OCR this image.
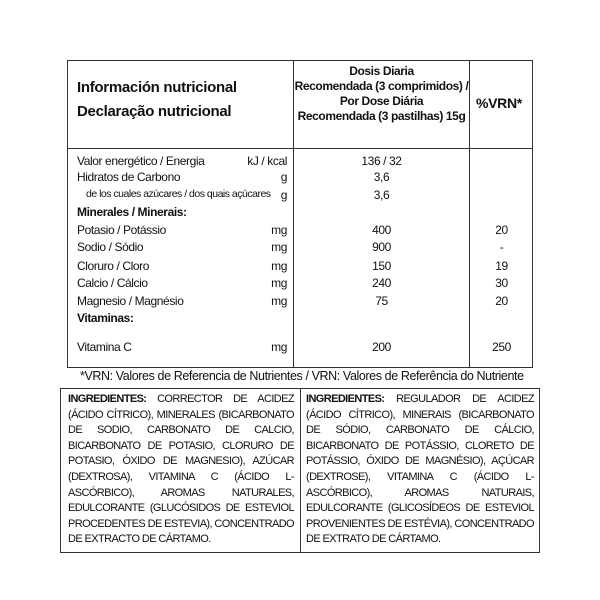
Información nutricional
Declaração nutricional
Dosis Diaria
Recomendada (3 comprimidos) /
Por Dose Diária
Recomendada (3 pastilhas) 15g
%VRN*
Valor energético / Energia	kJ / kcal	136 / 32
Hidratos de Carbono	g	3,6
de los cuales azúcares / dos quais açúcares g	3,6
Minerales / Minerais:
Potasio / Potássio	mg	400	20
Sodio / Sódio	mg	900	-
Cloruro / Cloro	mg	150	19
Calcio / Cálcio	mg	240	30
Magnesio / Magnésio	mg	75	20
Vitaminas:
Vitamina C	mg	200	250
*VRN: Valores de Referencia de Nutrientes / VRN: Valores de Referência do Nutriente
INGREDIENTES: CORRECTOR DE ACIDEZ (ÁCIDO CÍTRICO), MINERALES (BICARBONATO DE SODIO, CARBONATO DE CALCIO, BICARBONATO DE POTASIO, CLORURO DE POTASIO, ÓXIDO DE MAGNESIO), AZÚCAR (DEXTROSA), VITAMINA C (ÁCIDO L-ASCÓRBICO), AROMAS NATURALES, EDULCORANTE (GLUCÓSIDOS DE ESTEVIOL PROCEDENTES DE ESTEVIA), CONCENTRADO DE EXTRACTO DE CÁRTAMO.
INGREDIENTES: REGULADOR DE ACIDEZ (ÁCIDO CÍTRICO), MINERAIS (BICARBONATO DE SÓDIO, CARBONATO DE CÁLCIO, BICARBONATO DE POTÁSSIO, CLORETO DE POTÁSSIO, ÓXIDO DE MAGNÉSIO), AÇÚCAR (DEXTROSE), VITAMINA C (ÁCIDO L-ASCÓRBICO), AROMAS NATURAIS, EDULCORANTE (GLICOSÍDEOS DE ESTEVIOL PROVENIENTES DE ESTÉVIA), CONCENTRADO DE EXTRATO DE CÁRTAMO.
